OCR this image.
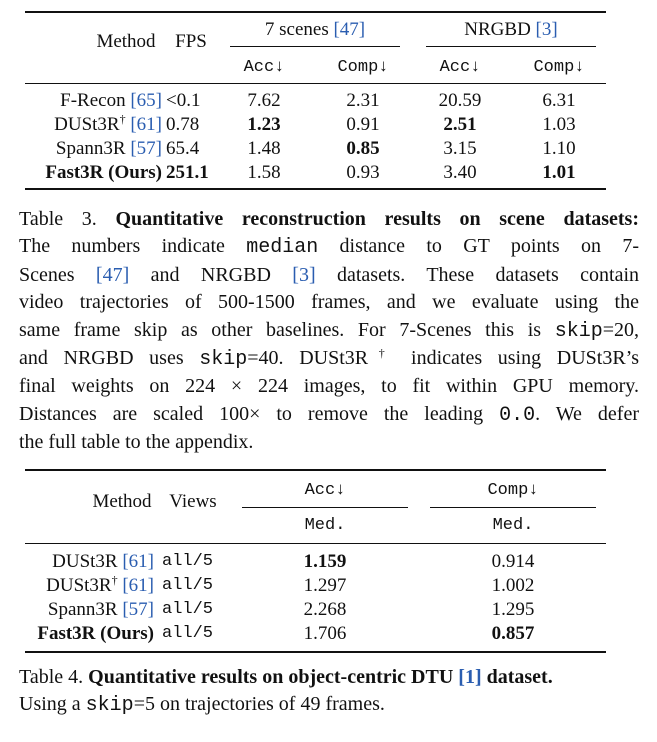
Method	FPS
7 scenes [47]	NRGBD [3]
Acc↓	Comp↓	Acc↓	Comp↓
F-Recon [65] <0.1	7.62	2.31	20.59	6.31
DUSt3R† [61] 0.78	1.23	0.91	2.51	1.03
Spann3R [57] 65.4	1.48	0.85	3.15	1.10
Fast3R (Ours) 251.1	1.58	0.93	3.40	1.01
Table 3. Quantitative reconstruction results on scene datasets:
The numbers indicate median distance to GT points on 7-
Scenes [47] and NRGBD [3] datasets. These datasets contain
video trajectories of 500-1500 frames, and we evaluate using the
same frame skip as other baselines. For 7-Scenes this is skip=20,
and NRGBD uses skip=40. DUSt3R† indicates using DUSt3R’s
final weights on 224 × 224 images, to fit within GPU memory.
Distances are scaled 100× to remove the leading 0.0. We defer
the full table to the appendix.
Method Views
Acc↓	Comp↓
Med.	Med.
DUSt3R [61] all/5	1.159	0.914
DUSt3R† [61] all/5	1.297	1.002
Spann3R [57] all/5	2.268	1.295
Fast3R (Ours) all/5	1.706	0.857
Table 4. Quantitative results on object-centric DTU [1] dataset.
Using a skip=5 on trajectories of 49 frames.
